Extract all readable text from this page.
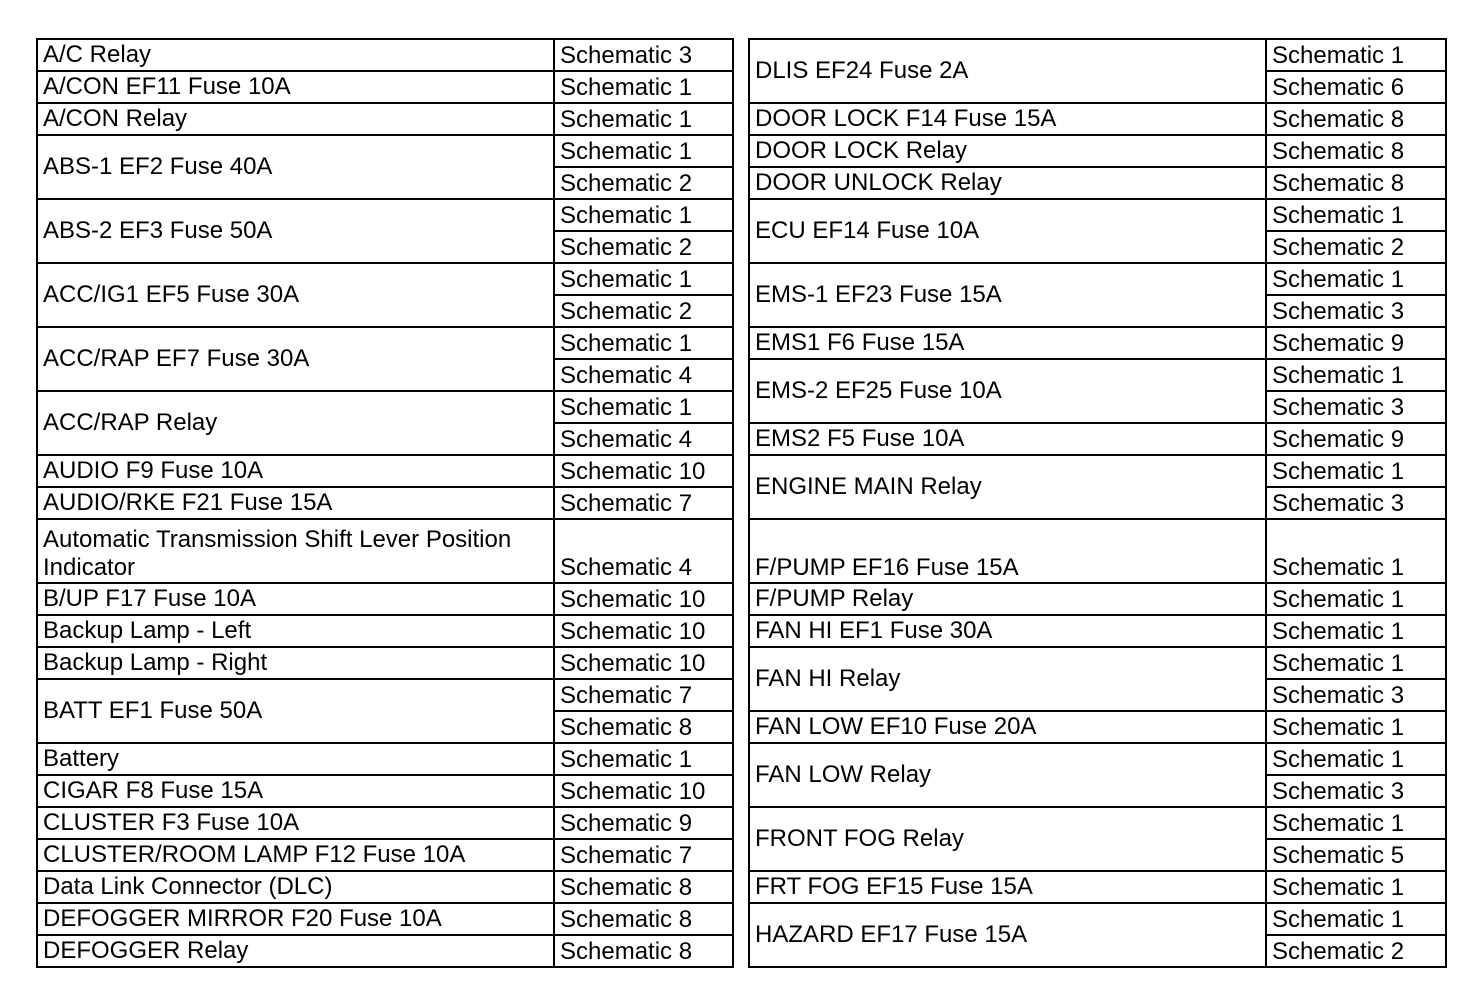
A/C Relay	Schematic 3
A/CON EF11 Fuse 10A	Schematic 1
A/CON Relay	Schematic 1
ABS-1 EF2 Fuse 40A	Schematic 1
	Schematic 2
ABS-2 EF3 Fuse 50A	Schematic 1
	Schematic 2
ACC/IG1 EF5 Fuse 30A	Schematic 1
	Schematic 2
ACC/RAP EF7 Fuse 30A	Schematic 1
	Schematic 4
ACC/RAP Relay	Schematic 1
	Schematic 4
AUDIO F9 Fuse 10A	Schematic 10
AUDIO/RKE F21 Fuse 15A	Schematic 7
Automatic Transmission Shift Lever Position Indicator	Schematic 4
B/UP F17 Fuse 10A	Schematic 10
Backup Lamp - Left	Schematic 10
Backup Lamp - Right	Schematic 10
BATT EF1 Fuse 50A	Schematic 7
	Schematic 8
Battery	Schematic 1
CIGAR F8 Fuse 15A	Schematic 10
CLUSTER F3 Fuse 10A	Schematic 9
CLUSTER/ROOM LAMP F12 Fuse 10A	Schematic 7
Data Link Connector (DLC)	Schematic 8
DEFOGGER MIRROR F20 Fuse 10A	Schematic 8
DEFOGGER Relay	Schematic 8
DLIS EF24 Fuse 2A	Schematic 1
	Schematic 6
DOOR LOCK F14 Fuse 15A	Schematic 8
DOOR LOCK Relay	Schematic 8
DOOR UNLOCK Relay	Schematic 8
ECU EF14 Fuse 10A	Schematic 1
	Schematic 2
EMS-1 EF23 Fuse 15A	Schematic 1
	Schematic 3
EMS1 F6 Fuse 15A	Schematic 9
EMS-2 EF25 Fuse 10A	Schematic 1
	Schematic 3
EMS2 F5 Fuse 10A	Schematic 9
ENGINE MAIN Relay	Schematic 1
	Schematic 3
F/PUMP EF16 Fuse 15A	Schematic 1
F/PUMP Relay	Schematic 1
FAN HI EF1 Fuse 30A	Schematic 1
FAN HI Relay	Schematic 1
	Schematic 3
FAN LOW EF10 Fuse 20A	Schematic 1
FAN LOW Relay	Schematic 1
	Schematic 3
FRONT FOG Relay	Schematic 1
	Schematic 5
FRT FOG EF15 Fuse 15A	Schematic 1
HAZARD EF17 Fuse 15A	Schematic 1
	Schematic 2
